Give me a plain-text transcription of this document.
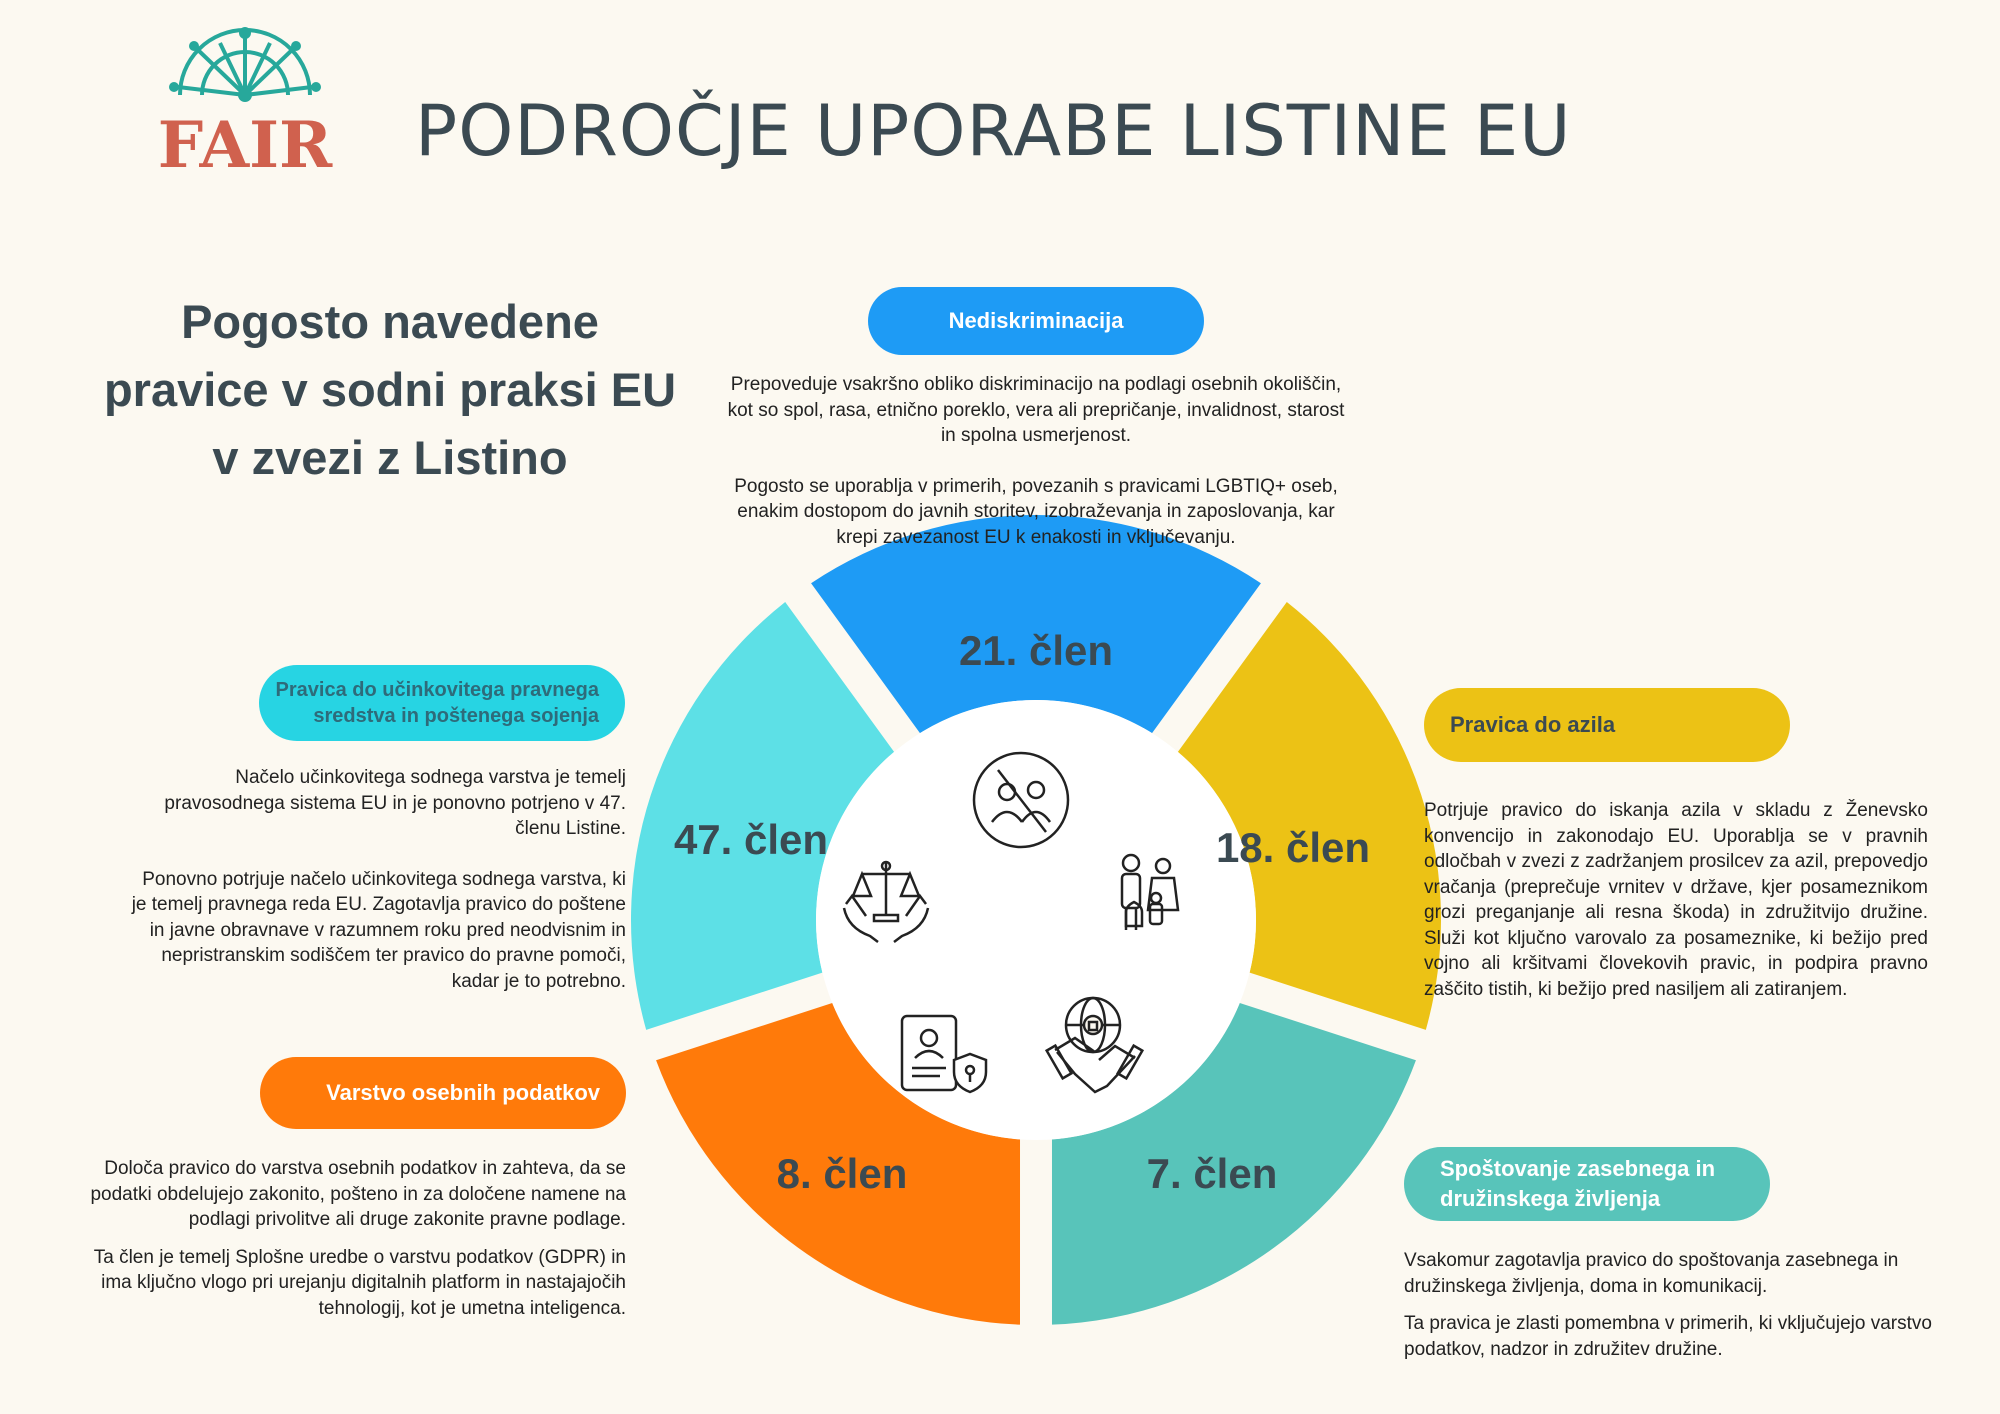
FAIR PODROČJE UPORABE LISTINE EU
Pogosto navedene pravice v sodni praksi EU v zvezi z Listino
21. člen
18. člen
7. člen
8. člen
47. člen
Nediskriminacija

Prepoveduje vsakršno obliko diskriminacijo na podlagi osebnih okoliščin, kot so spol, rasa, etnično poreklo, vera ali prepričanje, invalidnost, starost in spolna usmerjenost.

Pogosto se uporablja v primerih, povezanih s pravicami LGBTIQ+ oseb, enakim dostopom do javnih storitev, izobraževanja in zaposlovanja, kar krepi zavezanost EU k enakosti in vključevanju.

Pravica do azila

Potrjuje pravico do iskanja azila v skladu z Ženevsko konvencijo in zakonodajo EU. Uporablja se v pravnih odločbah v zvezi z zadržanjem prosilcev za azil, prepovedjo vračanja (preprečuje vrnitev v države, kjer posameznikom grozi preganjanje ali resna škoda) in združitvijo družine. Služi kot ključno varovalo za posameznike, ki bežijo pred vojno ali kršitvami človekovih pravic, in podpira pravno zaščito tistih, ki bežijo pred nasiljem ali zatiranjem.

Pravica do učinkovitega pravnega sredstva in poštenega sojenja

Načelo učinkovitega sodnega varstva je temelj pravosodnega sistema EU in je ponovno potrjeno v 47. členu Listine.

Ponovno potrjuje načelo učinkovitega sodnega varstva, ki je temelj pravnega reda EU. Zagotavlja pravico do poštene in javne obravnave v razumnem roku pred neodvisnim in nepristranskim sodiščem ter pravico do pravne pomoči, kadar je to potrebno.

Varstvo osebnih podatkov

Določa pravico do varstva osebnih podatkov in zahteva, da se podatki obdelujejo zakonito, pošteno in za določene namene na podlagi privolitve ali druge zakonite pravne podlage.

Ta člen je temelj Splošne uredbe o varstvu podatkov (GDPR) in ima ključno vlogo pri urejanju digitalnih platform in nastajajočih tehnologij, kot je umetna inteligenca.

Spoštovanje zasebnega in družinskega življenja

Vsakomur zagotavlja pravico do spoštovanja zasebnega in družinskega življenja, doma in komunikacij.

Ta pravica je zlasti pomembna v primerih, ki vključujejo varstvo podatkov, nadzor in združitev družine.
